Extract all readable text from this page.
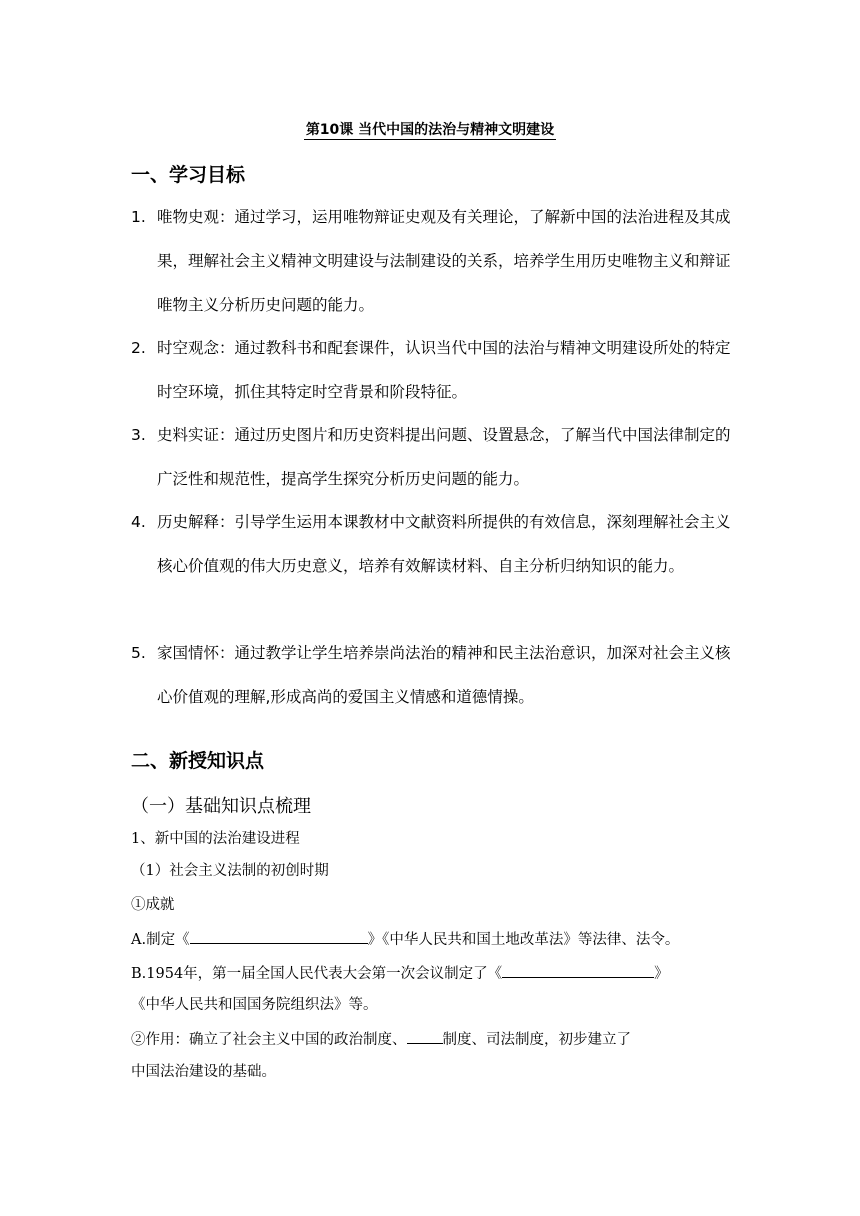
第10课 当代中国的法治与精神文明建设
一、学习目标
1. 唯物史观：通过学习，运用唯物辩证史观及有关理论，了解新中国的法治进程及其成果，理解社会主义精神文明建设与法制建设的关系，培养学生用历史唯物主义和辩证唯物主义分析历史问题的能力。
2. 时空观念：通过教科书和配套课件，认识当代中国的法治与精神文明建设所处的特定时空环境，抓住其特定时空背景和阶段特征。
3. 史料实证：通过历史图片和历史资料提出问题、设置悬念，了解当代中国法律制定的广泛性和规范性，提高学生探究分析历史问题的能力。
4. 历史解释：引导学生运用本课教材中文献资料所提供的有效信息，深刻理解社会主义核心价值观的伟大历史意义，培养有效解读材料、自主分析归纳知识的能力。
5. 家国情怀：通过教学让学生培养崇尚法治的精神和民主法治意识，加深对社会主义核心价值观的理解,形成高尚的爱国主义情感和道德情操。
二、新授知识点
（一）基础知识点梳理
1、新中国的法治建设进程
（1）社会主义法制的初创时期
①成就
A.制定《	》《中华人民共和国土地改革法》等法律、法令。
B.1954年，第一届全国人民代表大会第一次会议制定了《	》
《中华人民共和国国务院组织法》等。
②作用：确立了社会主义中国的政治制度、 制度、司法制度，初步建立了
中国法治建设的基础。
